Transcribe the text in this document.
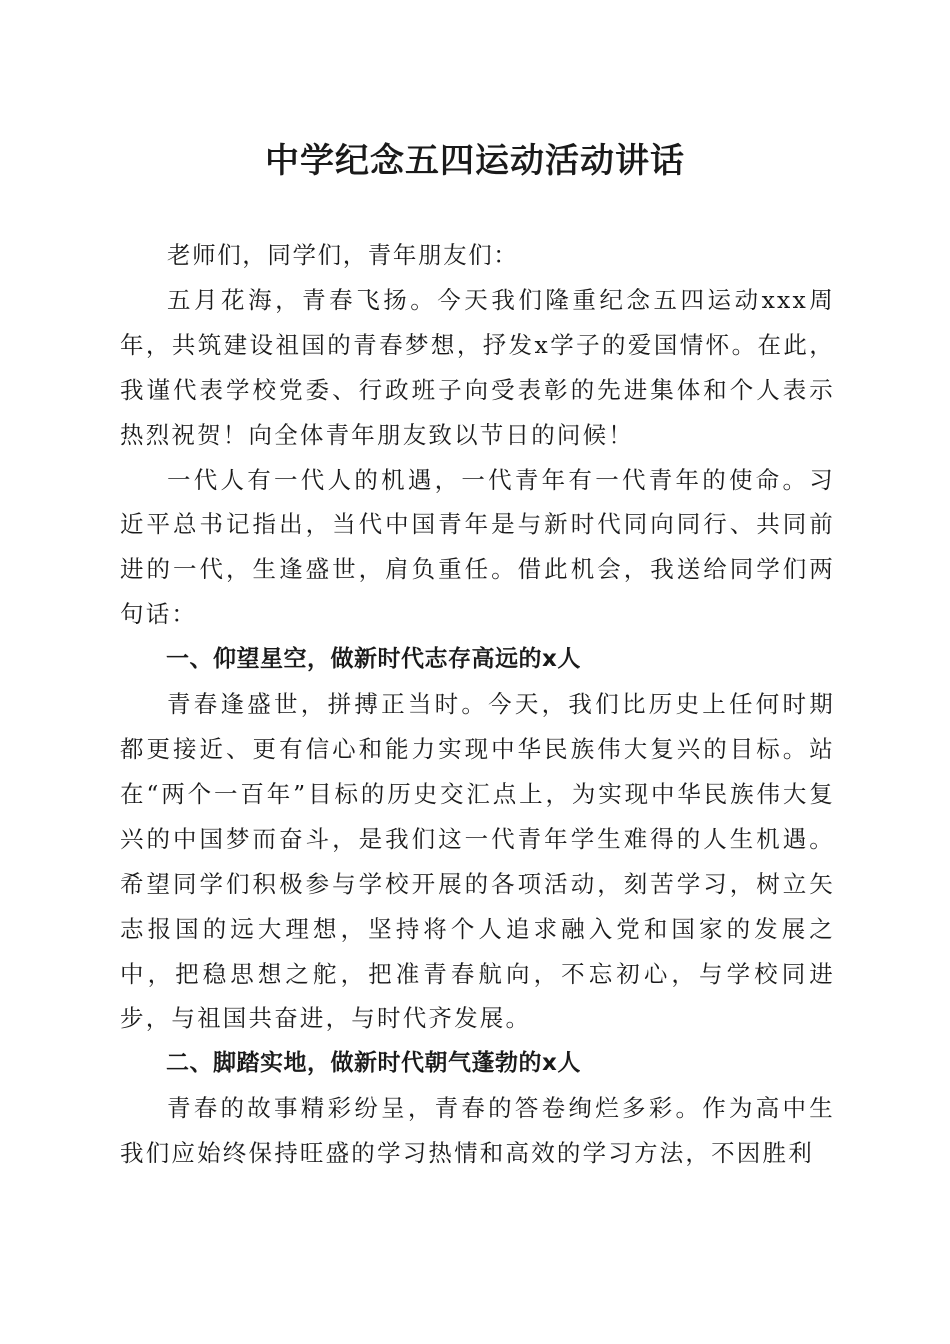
中学纪念五四运动活动讲话

老师们，同学们，青年朋友们：

五月花海，青春飞扬。今天我们隆重纪念五四运动xxx周年，共筑建设祖国的青春梦想，抒发x学子的爱国情怀。在此，我谨代表学校党委、行政班子向受表彰的先进集体和个人表示热烈祝贺！向全体青年朋友致以节日的问候！

一代人有一代人的机遇，一代青年有一代青年的使命。习近平总书记指出，当代中国青年是与新时代同向同行、共同前进的一代，生逢盛世，肩负重任。借此机会，我送给同学们两句话：

一、仰望星空，做新时代志存高远的x人

青春逢盛世，拼搏正当时。今天，我们比历史上任何时期都更接近、更有信心和能力实现中华民族伟大复兴的目标。站在“两个一百年”目标的历史交汇点上，为实现中华民族伟大复兴的中国梦而奋斗，是我们这一代青年学生难得的人生机遇。希望同学们积极参与学校开展的各项活动，刻苦学习，树立矢志报国的远大理想，坚持将个人追求融入党和国家的发展之中，把稳思想之舵，把准青春航向，不忘初心，与学校同进步，与祖国共奋进，与时代齐发展。

二、脚踏实地，做新时代朝气蓬勃的x人

青春的故事精彩纷呈，青春的答卷绚烂多彩。作为高中生我们应始终保持旺盛的学习热情和高效的学习方法，不因胜利
